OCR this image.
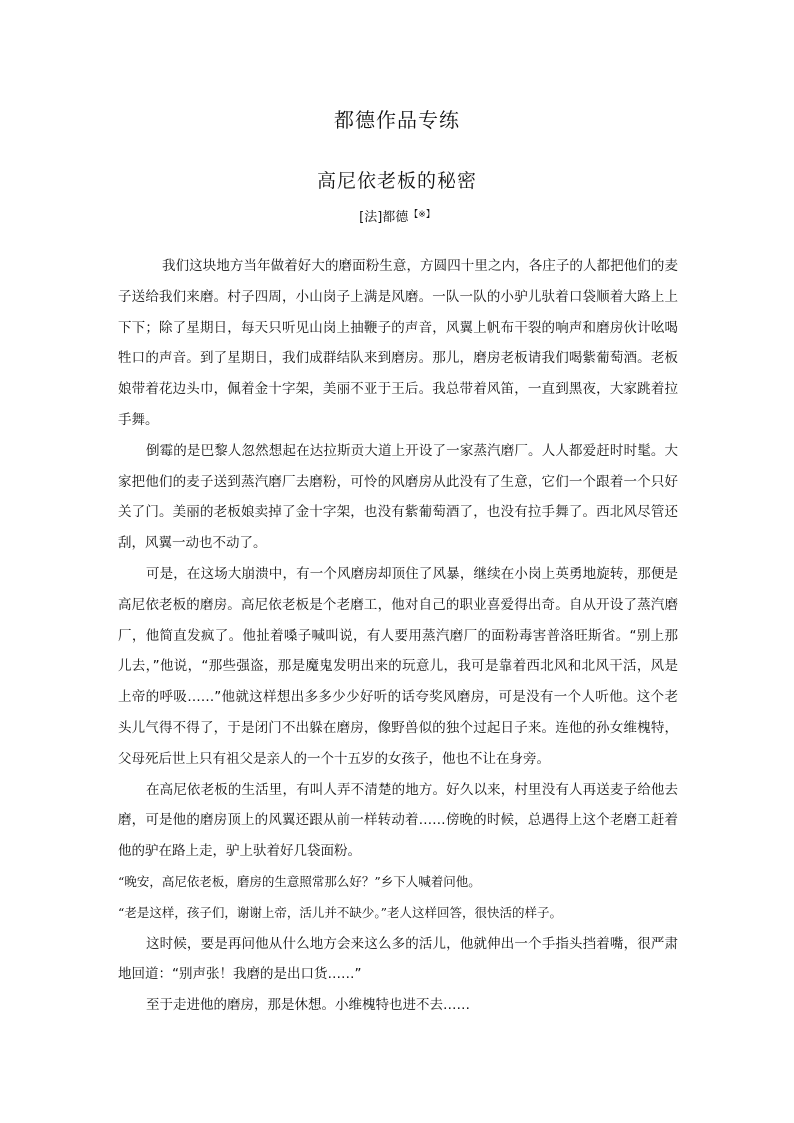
都德作品专练
高尼依老板的秘密
[法]都德【※】

我们这块地方当年做着好大的磨面粉生意，方圆四十里之内，各庄子的人都把他们的麦子送给我们来磨。村子四周，小山岗子上满是风磨。一队一队的小驴儿驮着口袋顺着大路上上下下；除了星期日，每天只听见山岗上抽鞭子的声音，风翼上帆布干裂的响声和磨房伙计吆喝牲口的声音。到了星期日，我们成群结队来到磨房。那儿，磨房老板请我们喝紫葡萄酒。老板娘带着花边头巾，佩着金十字架，美丽不亚于王后。我总带着风笛，一直到黑夜，大家跳着拉手舞。

倒霉的是巴黎人忽然想起在达拉斯贡大道上开设了一家蒸汽磨厂。人人都爱赶时时髦。大家把他们的麦子送到蒸汽磨厂去磨粉，可怜的风磨房从此没有了生意，它们一个跟着一个只好关了门。美丽的老板娘卖掉了金十字架，也没有紫葡萄酒了，也没有拉手舞了。西北风尽管还刮，风翼一动也不动了。

可是，在这场大崩溃中，有一个风磨房却顶住了风暴，继续在小岗上英勇地旋转，那便是高尼依老板的磨房。高尼依老板是个老磨工，他对自己的职业喜爱得出奇。自从开设了蒸汽磨厂，他简直发疯了。他扯着嗓子喊叫说，有人要用蒸汽磨厂的面粉毒害普洛旺斯省。“别上那儿去，”他说，“那些强盗，那是魔鬼发明出来的玩意儿，我可是靠着西北风和北风干活，风是上帝的呼吸……”他就这样想出多多少少好听的话夸奖风磨房，可是没有一个人听他。这个老头儿气得不得了，于是闭门不出躲在磨房，像野兽似的独个过起日子来。连他的孙女维槐特，父母死后世上只有祖父是亲人的一个十五岁的女孩子，他也不让在身旁。

在高尼依老板的生活里，有叫人弄不清楚的地方。好久以来，村里没有人再送麦子给他去磨，可是他的磨房顶上的风翼还跟从前一样转动着……傍晚的时候，总遇得上这个老磨工赶着他的驴在路上走，驴上驮着好几袋面粉。

“晚安，高尼依老板，磨房的生意照常那么好？”乡下人喊着问他。

“老是这样，孩子们，谢谢上帝，活儿并不缺少。”老人这样回答，很快活的样子。

这时候，要是再问他从什么地方会来这么多的活儿，他就伸出一个手指头挡着嘴，很严肃地回道：“别声张！我磨的是出口货……”

至于走进他的磨房，那是休想。小维槐特也进不去……
